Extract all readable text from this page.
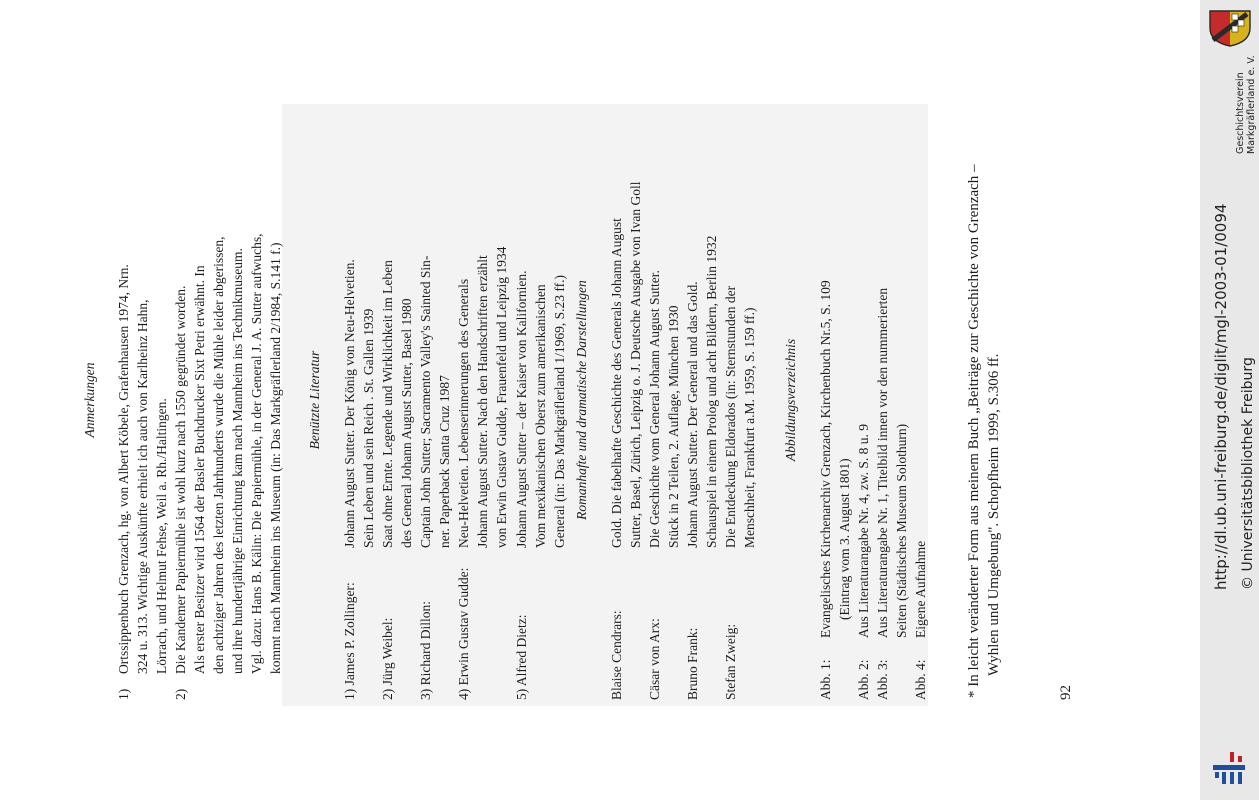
Anmerkungen
1)
Ortssippenbuch Grenzach, hg. von Albert Köbele, Grafenhausen 1974, Nrn. 324 u. 313. Wichtige Auskünfte erhielt ich auch von Karlheinz Hahn, Lörrach, und Helmut Fehse, Weil a. Rh./Haltingen.
2)
Die Kandemer Papiermühle ist wohl kurz nach 1550 gegründet worden. Als erster Besitzer wird 1564 der Basler Buchdrucker Sixt Petri erwähnt. In den achtziger Jahren des letzten Jahrhunderts wurde die Mühle leider abgerissen, und ihre hundertjährige Einrichtung kam nach Mannheim ins Technikmuseum. Vgl. dazu: Hans B. Kälin: Die Papiermühle, in der General J. A. Sutter aufwuchs, kommt nach Mannheim ins Museum (in: Das Markgräflerland 2/1984, S.141 f.) Benützte Literatur
1) James P. Zollinger:
Johann August Sutter. Der König von Neu-Helvetien. Sein Leben und sein Reich . St. Gallen 1939
2) Jürg Weibel:
Saat ohne Ernte. Legende und Wirklichkeit im Leben des General Johann August Sutter, Basel 1980
3) Richard Dillon:
Captain John Sutter; Sacramento Valley's Sainted Sin- ner. Paperback Santa Cruz 1987
4) Erwin Gustav Gudde:
Neu-Helvetien. Lebenserinnerungen des Generals Johann August Sutter. Nach den Handschriften erzählt von Erwin Gustav Gudde, Frauenfeld und Leipzig 1934
5) Alfred Dietz:
Johann August Sutter – der Kaiser von Kalifornien. Vom mexikanischen Oberst zum amerikanischen General (in: Das Markgräflerland 1/1969, S.23 ff.) Romanhafte und dramatische Darstellungen
Blaise Cendrars:
Gold. Die fabelhafte Geschichte des Generals Johann August Sutter, Basel, Zürich, Leipzig o. J. Deutsche Ausgabe von Ivan Goll
Cäsar von Arx:
Die Geschichte vom General Johann August Sutter. Stück in 2 Teilen, 2. Auflage, München 1930
Bruno Frank:
Johann August Sutter. Der General und das Gold. Schauspiel in einem Prolog und acht Bildern, Berlin 1932
Stefan Zweig:
Die Entdeckung Eldorados (in: Sternstunden der Menschheit, Frankfurt a.M. 1959, S. 159 ff.) Abbildungsverzeichnis
Abb. 1:
Evangelisches Kirchenarchiv Grenzach, Kirchenbuch Nr.5, S. 109 (Eintrag vom 3. August 1801)
Abb. 2:
Aus Literaturangabe Nr. 4, zw. S. 8 u. 9
Abb. 3:
Aus Literaturangabe Nr. 1, Titelbild innen vor den nummerierten Seiten (Städtisches Museum Solothurn)
Abb. 4:
Eigene Aufnahme	* In leicht veränderter Form aus meinem Buch „Beiträge zur Geschichte von Grenzach – Wyhlen und Umgebung". Schopfheim 1999, S.306 ff.
92
Geschichtsverein Markgräflerland e. V.
http://dl.ub.uni-freiburg.de/diglit/mgl-2003-01/0094 © Universitätsbibliothek Freiburg
